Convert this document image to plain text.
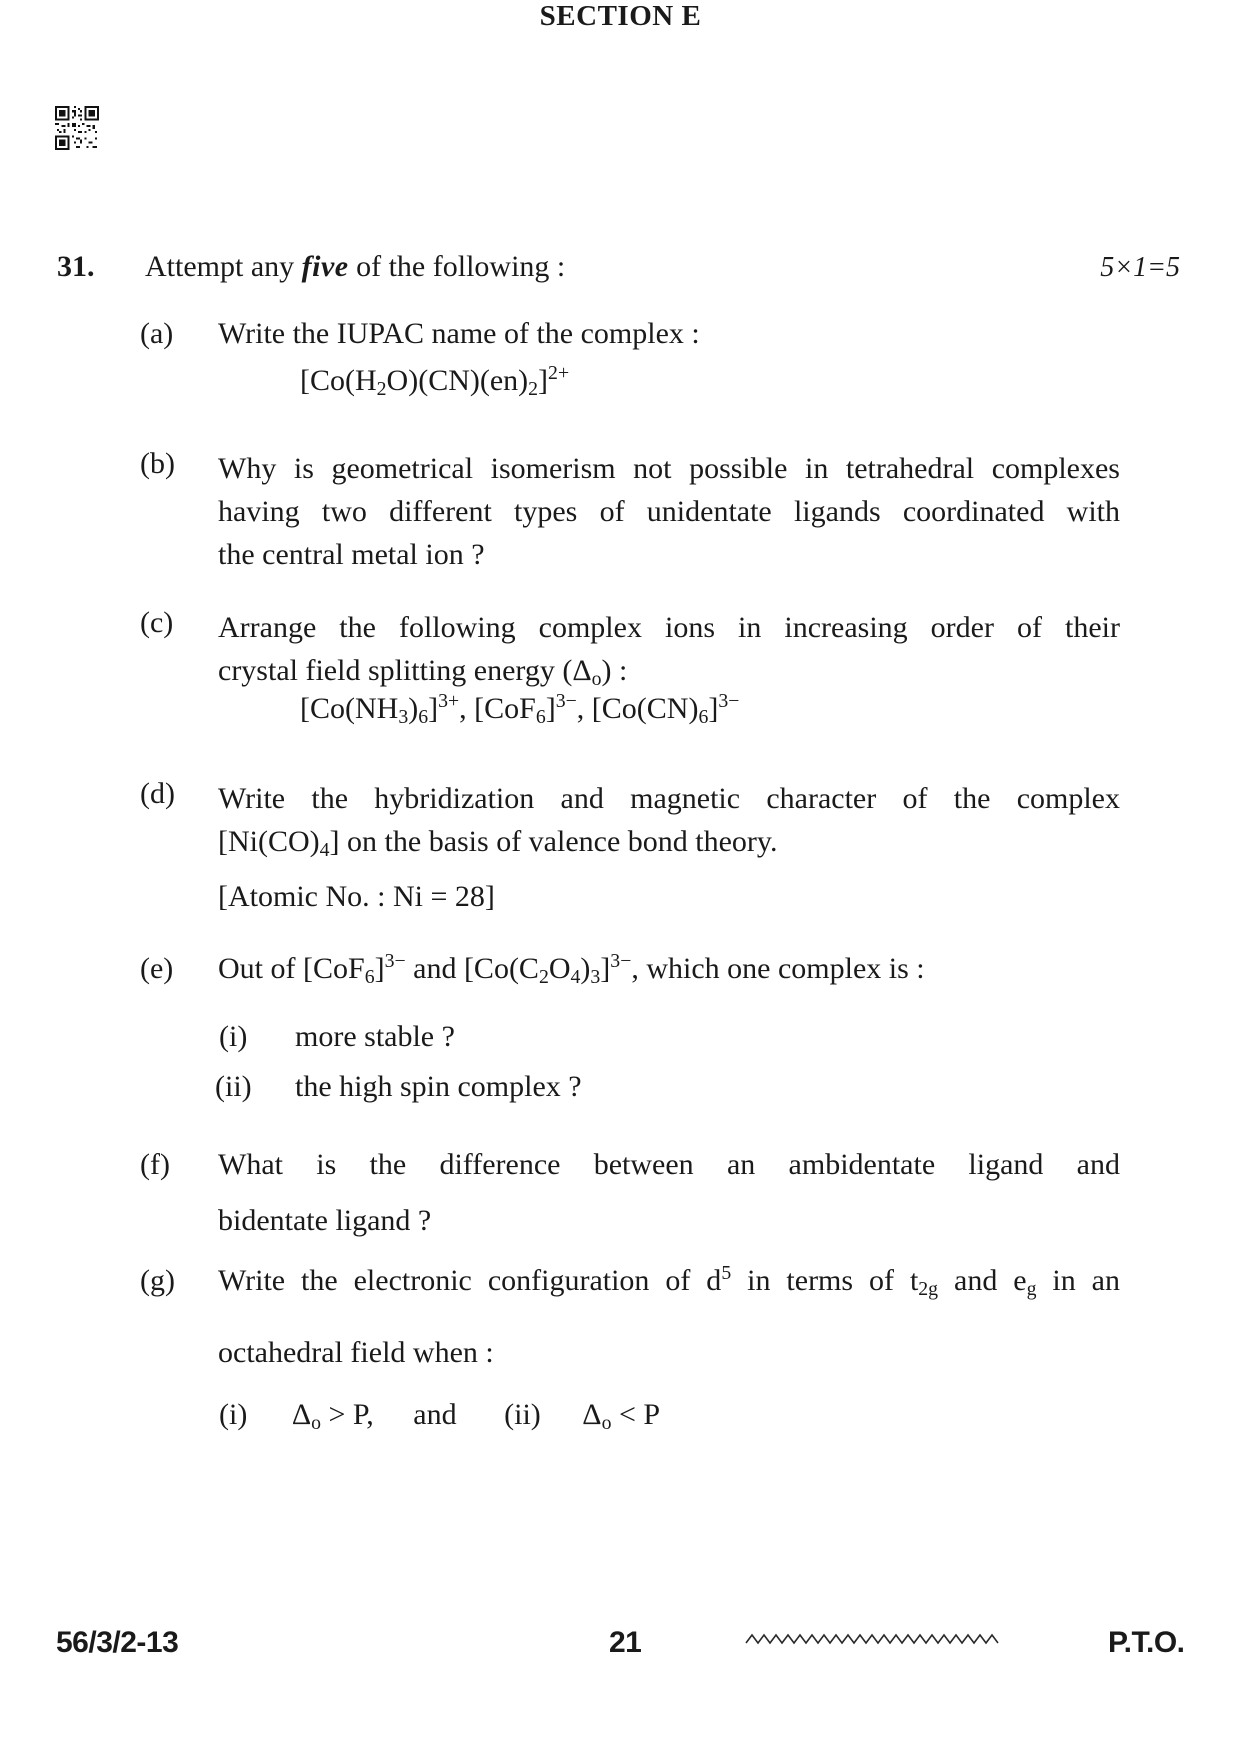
SECTION E
31. Attempt any five of the following :	5×1=5
(a) Write the IUPAC name of the complex :
$[Co(H_2O)(CN)(en)_2]^{2+}$
(b) Why is geometrical isomerism not possible in tetrahedral complexes
having two different types of unidentate ligands coordinated with
the central metal ion ?
(c) Arrange the following complex ions in increasing order of their
crystal field splitting energy $(\Delta_o)$ :
$[Co(NH_3)_6]^{3+}$, $[CoF_6]^{3-}$, $[Co(CN)_6]^{3-}$
(d) Write the hybridization and magnetic character of the complex
$[Ni(CO)_4]$ on the basis of valence bond theory.
[Atomic No. : Ni = 28]
(e) Out of $[CoF_6]^{3-}$ and $[Co(C_2O_4)_3]^{3-}$, which one complex is :
(i) more stable ?
(ii) the high spin complex ?
(f) What is the difference between an ambidentate ligand and
bidentate ligand ?
(g) Write the electronic configuration of $d^5$ in terms of $t_{2g}$ and $e_g$ in an
octahedral field when :
(i) $\Delta_o > P$, and (ii) $\Delta_o < P$
56/3/2-13	21	P.T.O.
